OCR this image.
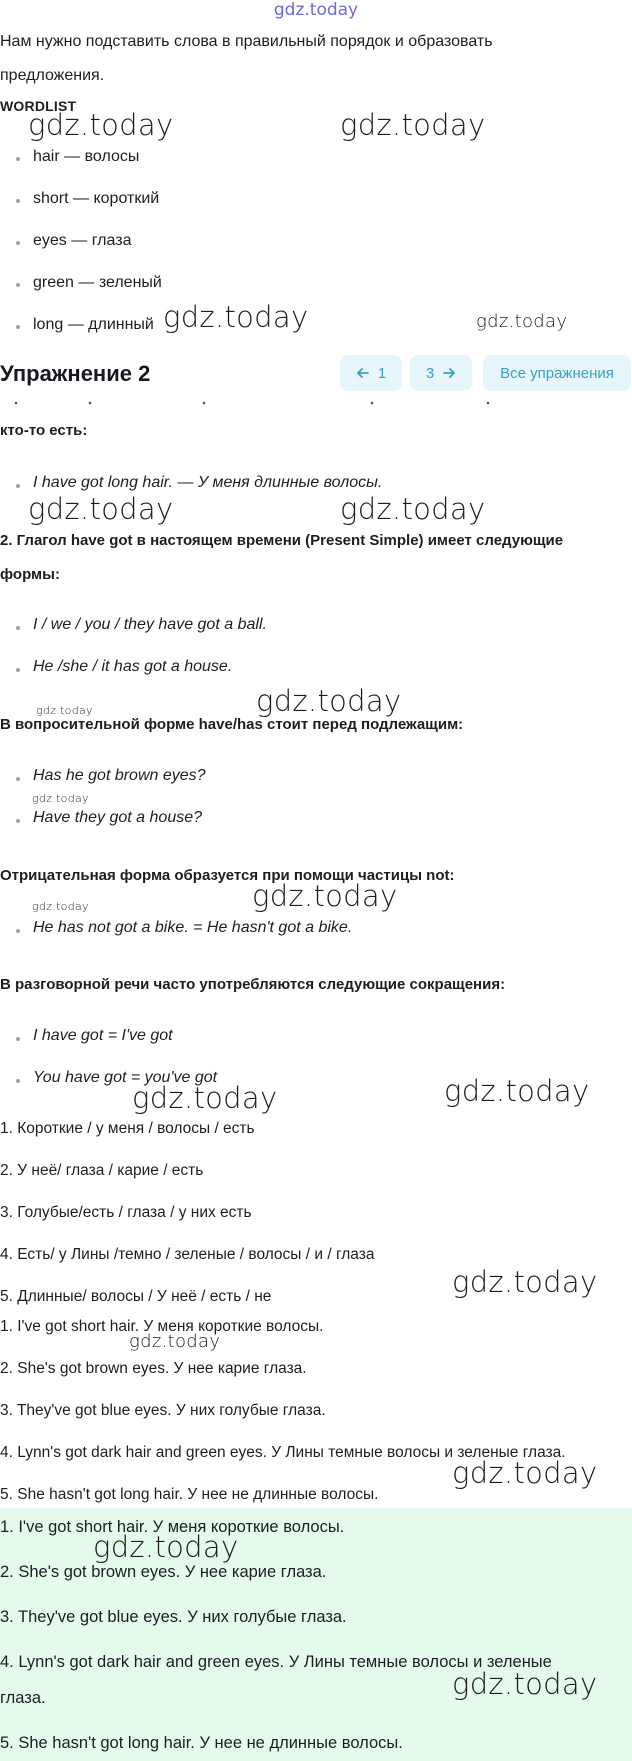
gdz.today
Нам нужно подставить слова в правильный порядок и образовать
предложения.
WORDLIST
hair — волосы
short — короткий
eyes — глаза
green — зеленый
long — длинный
Упражнение 2	1	3	Все упражнения
кто-то есть:
I have got long hair. — У меня длинные волосы.
2. Глагол have got в настоящем времени (Present Simple) имеет следующие
формы:
I / we / you / they have got a ball.
He /she / it has got a house.
В вопросительной форме have/has стоит перед подлежащим:
Has he got brown eyes?
Have they got a house?
Отрицательная форма образуется при помощи частицы not:
He has not got a bike. = He hasn't got a bike.
В разговорной речи часто употребляются следующие сокращения:
I have got = I've got
You have got = you've got
1. Короткие / у меня / волосы / есть
2. У неё/ глаза / карие / есть
3. Голубые/есть / глаза / у них есть
4. Есть/ у Лины /темно / зеленые / волосы / и / глаза
5. Длинные/ волосы / У неё / есть / не
1. I've got short hair. У меня короткие волосы.
2. She's got brown eyes. У нее карие глаза.
3. They've got blue eyes. У них голубые глаза.
4. Lynn's got dark hair and green eyes. У Лины темные волосы и зеленые глаза.
5. She hasn't got long hair. У нее не длинные волосы.
1. I've got short hair. У меня короткие волосы.
2. She's got brown eyes. У нее карие глаза.
3. They've got blue eyes. У них голубые глаза.
4. Lynn's got dark hair and green eyes. У Лины темные волосы и зеленые
глаза.
5. She hasn't got long hair. У нее не длинные волосы.
gdz.today	gdz.today
gdz.today	gdz.today
gdz.today	gdz.today
gdz.today	gdz.today
gdz.today
gdz.today	gdz.today
gdz.today	gdz.today
gdz.today
gdz.today
gdz.today
gdz.today
gdz.today
